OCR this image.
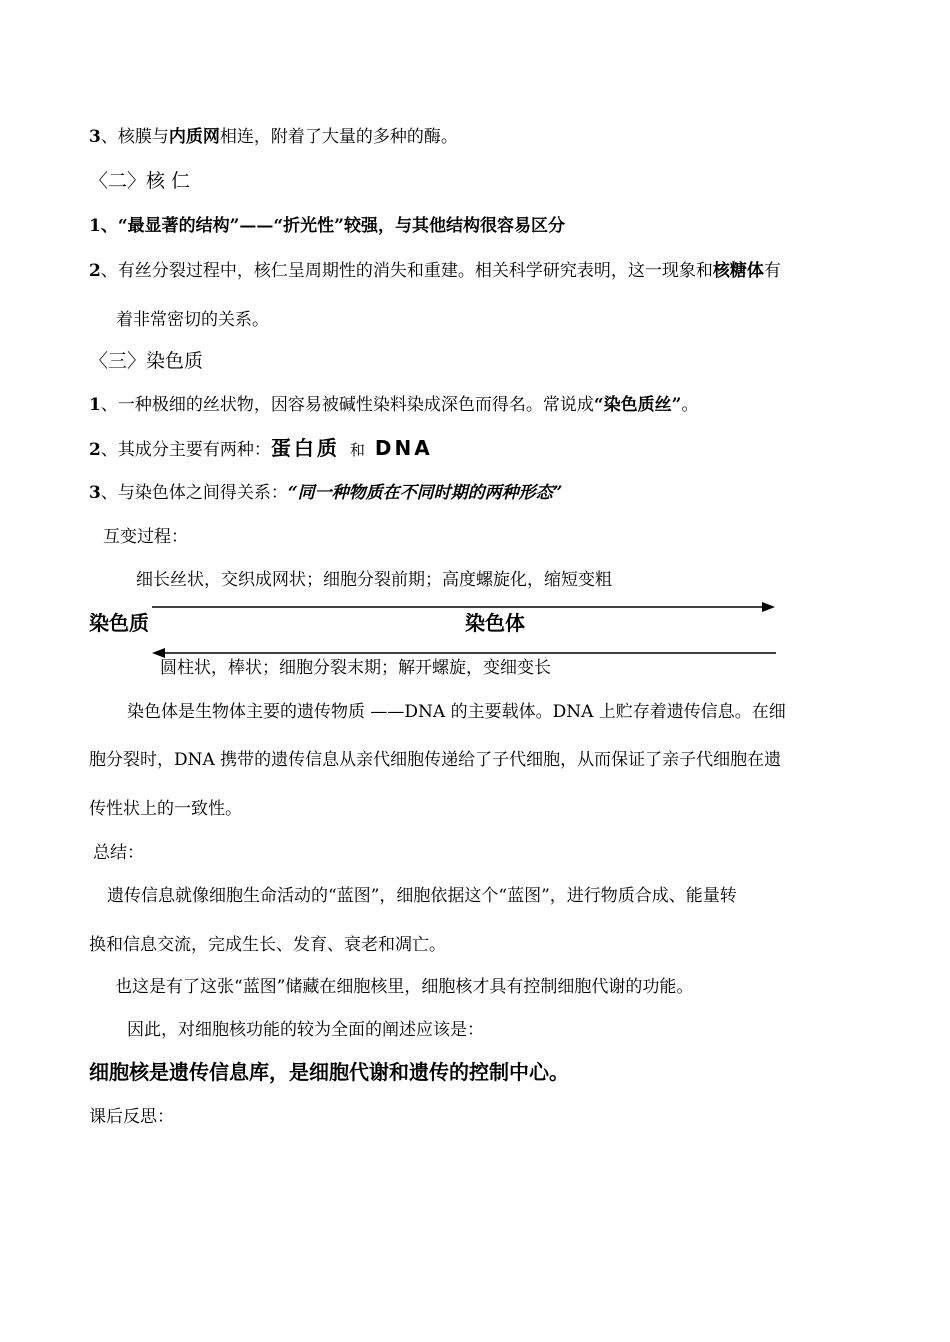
3、核膜与内质网相连，附着了大量的多种的酶。
〈二〉核 仁
1、“最显著的结构”——“折光性”较强，与其他结构很容易区分
2、有丝分裂过程中，核仁呈周期性的消失和重建。相关科学研究表明，这一现象和核糖体有
着非常密切的关系。
〈三〉染色质
1、一种极细的丝状物，因容易被碱性染料染成深色而得名。常说成“染色质丝”。
2、其成分主要有两种：蛋白质 和 DNA
3、与染色体之间得关系：“同一种物质在不同时期的两种形态”
互变过程：
细长丝状，交织成网状；细胞分裂前期；高度螺旋化，缩短变粗
染色质	染色体
圆柱状，棒状；细胞分裂末期；解开螺旋，变细变长
染色体是生物体主要的遗传物质 ——DNA 的主要载体。DNA 上贮存着遗传信息。在细
胞分裂时，DNA 携带的遗传信息从亲代细胞传递给了子代细胞，从而保证了亲子代细胞在遗
传性状上的一致性。
总结：
遗传信息就像细胞生命活动的“蓝图”，细胞依据这个“蓝图”，进行物质合成、能量转
换和信息交流，完成生长、发育、衰老和凋亡。
也这是有了这张“蓝图”储藏在细胞核里，细胞核才具有控制细胞代谢的功能。
因此，对细胞核功能的较为全面的阐述应该是：
细胞核是遗传信息库，是细胞代谢和遗传的控制中心。
课后反思：
